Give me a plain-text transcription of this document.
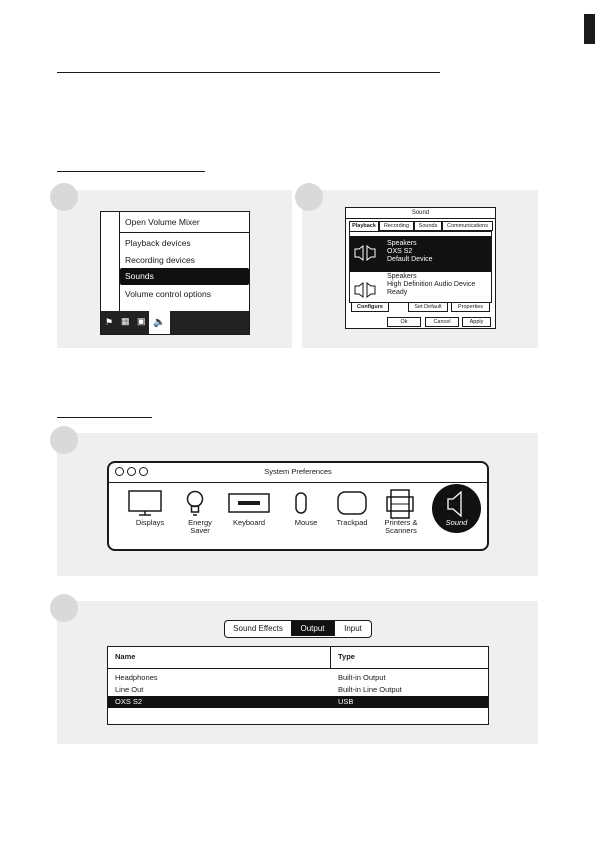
Open Volume Mixer
Playback devices
Recording devices
Sounds
Volume control options
⚑ ▦ ▣ 🔈
Sound
Playback	Recording	Sounds	Communications
Speakers
OXS S2
Default Device
Speakers
High Definition Audio Device
Ready
Configure	Set Default	Properties
Ok	Cancel	Apply
System Preferences
Displays	Energy
Saver
Keyboard	Mouse	Trackpad	Printers &
Scanners
Sound
Sound Effects	Output	Input
Name	Type
Headphones	Built-in Output
Line Out	Built-in Line Output
OXS S2	USB
